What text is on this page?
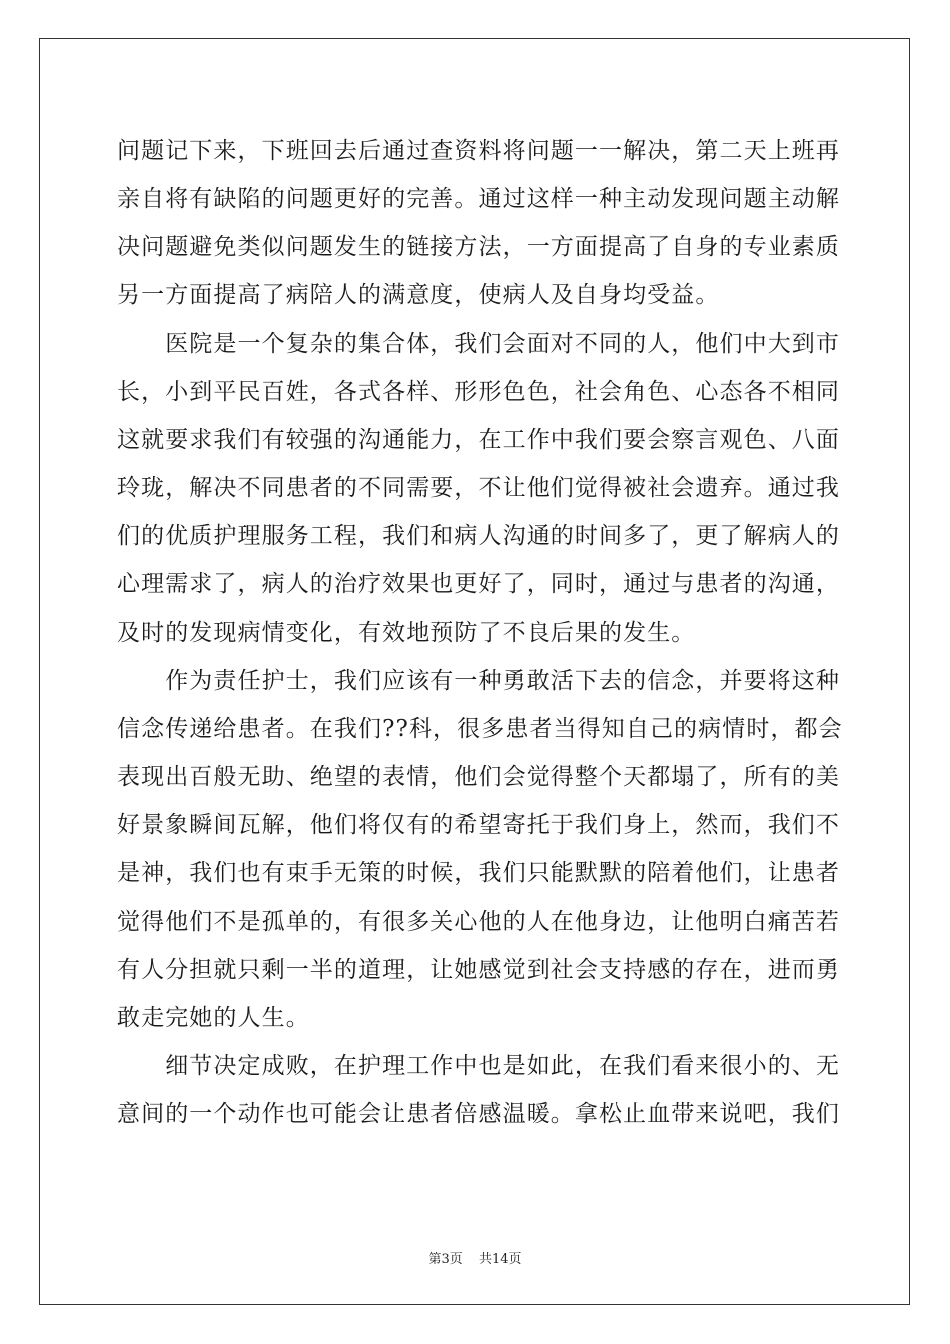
问题记下来，下班回去后通过查资料将问题一一解决，第二天上班再
亲自将有缺陷的问题更好的完善。通过这样一种主动发现问题主动解
决问题避免类似问题发生的链接方法，一方面提高了自身的专业素质
另一方面提高了病陪人的满意度，使病人及自身均受益。
　　医院是一个复杂的集合体，我们会面对不同的人，他们中大到市
长，小到平民百姓，各式各样、形形色色，社会角色、心态各不相同
这就要求我们有较强的沟通能力，在工作中我们要会察言观色、八面
玲珑，解决不同患者的不同需要，不让他们觉得被社会遗弃。通过我
们的优质护理服务工程，我们和病人沟通的时间多了，更了解病人的
心理需求了，病人的治疗效果也更好了，同时，通过与患者的沟通，
及时的发现病情变化，有效地预防了不良后果的发生。
　　作为责任护士，我们应该有一种勇敢活下去的信念，并要将这种
信念传递给患者。在我们??科，很多患者当得知自己的病情时，都会
表现出百般无助、绝望的表情，他们会觉得整个天都塌了，所有的美
好景象瞬间瓦解，他们将仅有的希望寄托于我们身上，然而，我们不
是神，我们也有束手无策的时候，我们只能默默的陪着他们，让患者
觉得他们不是孤单的，有很多关心他的人在他身边，让他明白痛苦若
有人分担就只剩一半的道理，让她感觉到社会支持感的存在，进而勇
敢走完她的人生。
　　细节决定成败，在护理工作中也是如此，在我们看来很小的、无
意间的一个动作也可能会让患者倍感温暖。拿松止血带来说吧，我们
第3页 共14页
